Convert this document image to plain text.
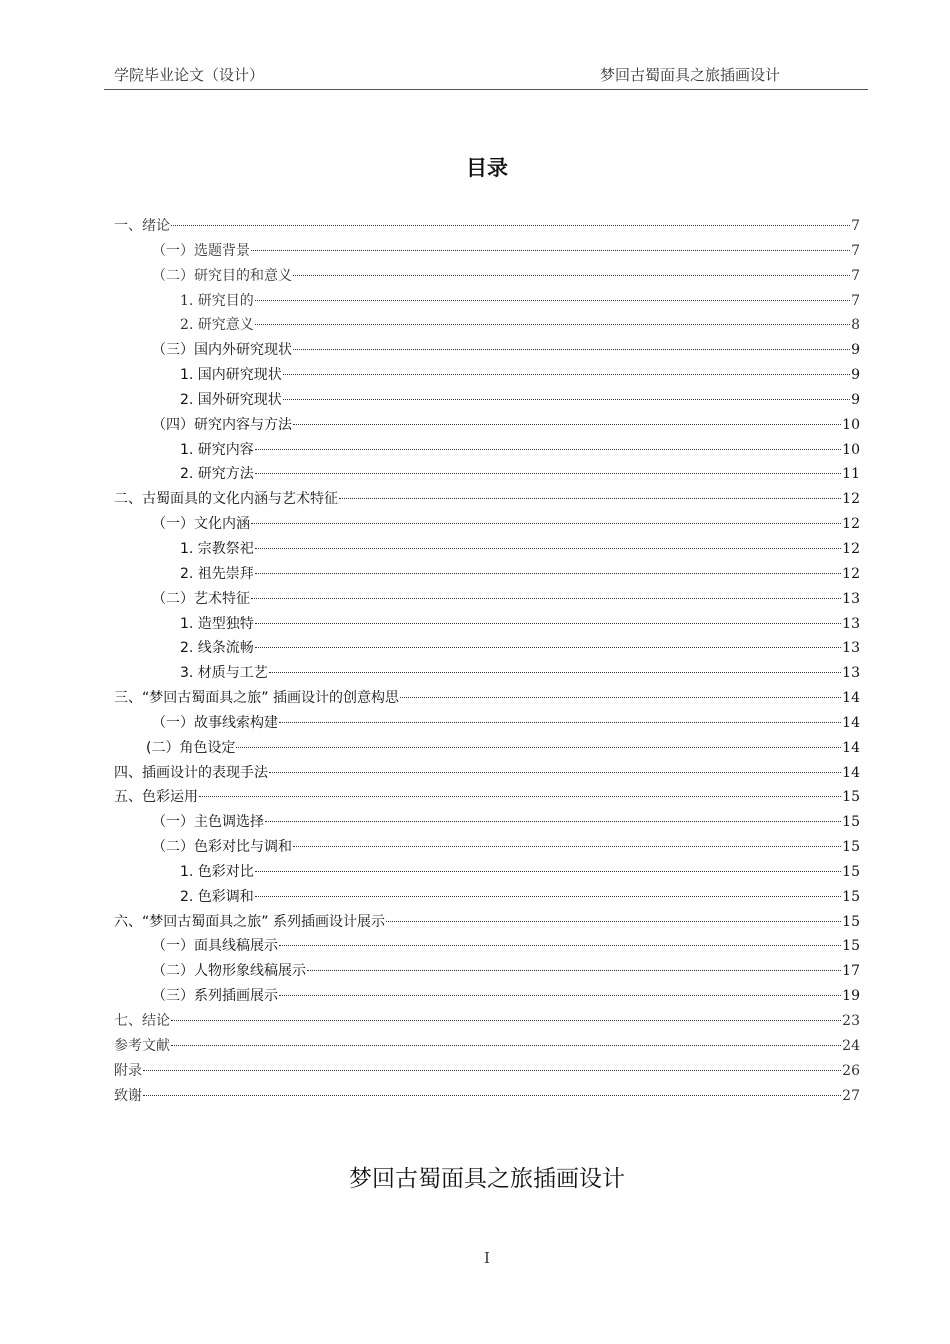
学院毕业论文（设计）	梦回古蜀面具之旅插画设计
目录
一、绪论	7
（一）选题背景	7
（二）研究目的和意义	7
1. 研究目的	7
2. 研究意义	8
（三）国内外研究现状	9
1. 国内研究现状	9
2. 国外研究现状	9
（四）研究内容与方法	10
1. 研究内容	10
2. 研究方法	11
二、古蜀面具的文化内涵与艺术特征	12
（一）文化内涵	12
1. 宗教祭祀	12
2. 祖先崇拜	12
（二）艺术特征	13
1. 造型独特	13
2. 线条流畅	13
3. 材质与工艺	13
三、“梦回古蜀面具之旅” 插画设计的创意构思	14
（一）故事线索构建	14
(二）角色设定	14
四、插画设计的表现手法	14
五、色彩运用	15
（一）主色调选择	15
（二）色彩对比与调和	15
1. 色彩对比	15
2. 色彩调和	15
六、“梦回古蜀面具之旅” 系列插画设计展示	15
（一）面具线稿展示	15
（二）人物形象线稿展示	17
（三）系列插画展示	19
七、结论	23
参考文献	24
附录	26
致谢	27
梦回古蜀面具之旅插画设计
I
